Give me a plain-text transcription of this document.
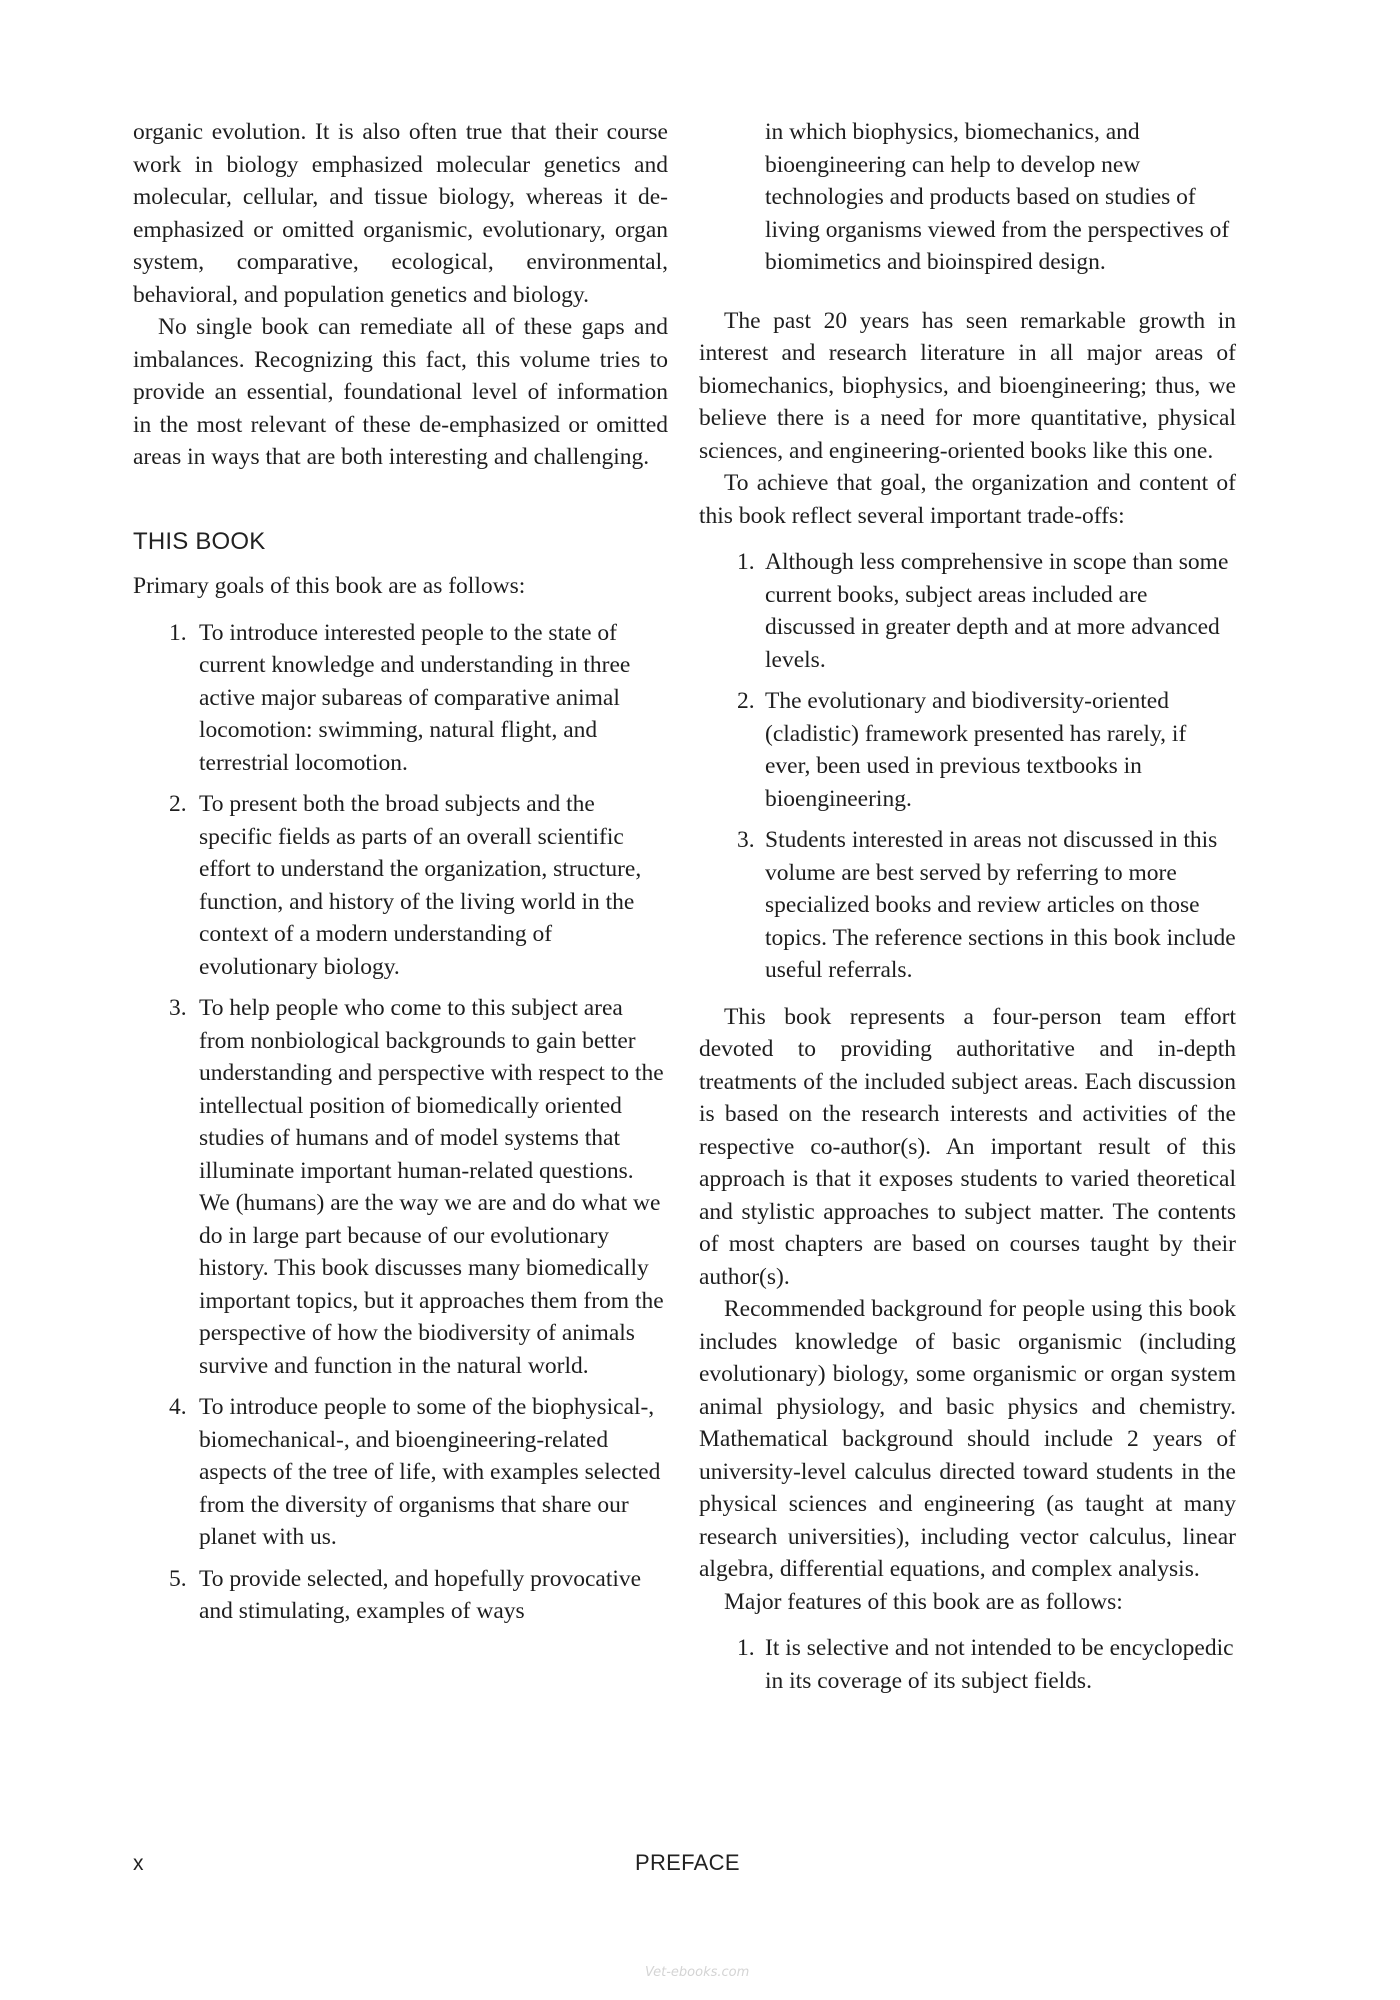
organic evolution. It is also often true that their course work in biology emphasized molecular genetics and molecular, cellular, and tissue biology, whereas it de-emphasized or omitted organismic, evolutionary, organ system, comparative, ecological, environmental, behavioral, and population genetics and biology.

No single book can remediate all of these gaps and imbalances. Recognizing this fact, this volume tries to provide an essential, foundational level of information in the most relevant of these de-emphasized or omitted areas in ways that are both interesting and challenging.

THIS BOOK

Primary goals of this book are as follows:

1. To introduce interested people to the state of current knowledge and understanding in three active major subareas of comparative animal locomotion: swimming, natural flight, and terrestrial locomotion.
2. To present both the broad subjects and the specific fields as parts of an overall scientific effort to understand the organization, structure, function, and history of the living world in the context of a modern understanding of evolutionary biology.
3. To help people who come to this subject area from nonbiological backgrounds to gain better understanding and perspective with respect to the intellectual position of biomedically oriented studies of humans and of model systems that illuminate important human-related questions. We (humans) are the way we are and do what we do in large part because of our evolutionary history. This book discusses many biomedically important topics, but it approaches them from the perspective of how the biodiversity of animals survive and function in the natural world.
4. To introduce people to some of the biophysical-, biomechanical-, and bioengineering-related aspects of the tree of life, with examples selected from the diversity of organisms that share our planet with us.
5. To provide selected, and hopefully provocative and stimulating, examples of ways

in which biophysics, biomechanics, and bioengineering can help to develop new technologies and products based on studies of living organisms viewed from the perspectives of biomimetics and bioinspired design.

The past 20 years has seen remarkable growth in interest and research literature in all major areas of biomechanics, biophysics, and bioengineering; thus, we believe there is a need for more quantitative, physical sciences, and engineering-oriented books like this one.

To achieve that goal, the organization and content of this book reflect several important trade-offs:

1. Although less comprehensive in scope than some current books, subject areas included are discussed in greater depth and at more advanced levels.
2. The evolutionary and biodiversity-oriented (cladistic) framework presented has rarely, if ever, been used in previous textbooks in bioengineering.
3. Students interested in areas not discussed in this volume are best served by referring to more specialized books and review articles on those topics. The reference sections in this book include useful referrals.

This book represents a four-person team effort devoted to providing authoritative and in-depth treatments of the included subject areas. Each discussion is based on the research interests and activities of the respective co-author(s). An important result of this approach is that it exposes students to varied theoretical and stylistic approaches to subject matter. The contents of most chapters are based on courses taught by their author(s).

Recommended background for people using this book includes knowledge of basic organismic (including evolutionary) biology, some organismic or organ system animal physiology, and basic physics and chemistry. Mathematical background should include 2 years of university-level calculus directed toward students in the physical sciences and engineering (as taught at many research universities), including vector calculus, linear algebra, differential equations, and complex analysis.

Major features of this book are as follows:

1. It is selective and not intended to be encyclopedic in its coverage of its subject fields.
x	PREFACE
Vet-ebooks.com
